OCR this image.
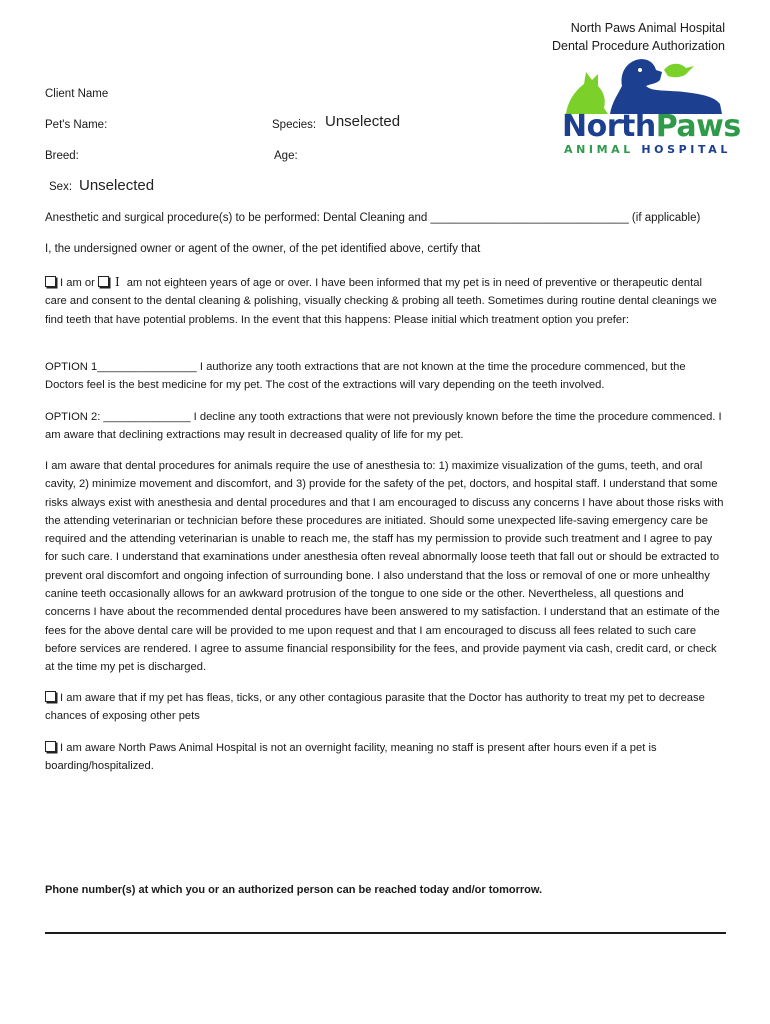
North Paws Animal Hospital
Dental Procedure Authorization
NorthPaws
ANIMAL HOSPITAL
Client Name
Pet's Name:	Species: Unselected
Breed:	Age:
Sex: Unselected
Anesthetic and surgical procedure(s) to be performed: Dental Cleaning and _______________________________ (if applicable)
I, the undersigned owner or agent of the owner, of the pet identified above, certify that
I am or I am not eighteen years of age or over. I have been informed that my pet is in need of preventive or therapeutic dental care and consent to the dental cleaning & polishing, visually checking & probing all teeth. Sometimes during routine dental cleanings we find teeth that have potential problems. In the event that this happens: Please initial which treatment option you prefer:
OPTION 1________________ I authorize any tooth extractions that are not known at the time the procedure commenced, but the Doctors feel is the best medicine for my pet. The cost of the extractions will vary depending on the teeth involved.
OPTION 2: ______________ I decline any tooth extractions that were not previously known before the time the procedure commenced. I am aware that declining extractions may result in decreased quality of life for my pet.
I am aware that dental procedures for animals require the use of anesthesia to: 1) maximize visualization of the gums, teeth, and oral cavity, 2) minimize movement and discomfort, and 3) provide for the safety of the pet, doctors, and hospital staff. I understand that some risks always exist with anesthesia and dental procedures and that I am encouraged to discuss any concerns I have about those risks with the attending veterinarian or technician before these procedures are initiated. Should some unexpected life-saving emergency care be required and the attending veterinarian is unable to reach me, the staff has my permission to provide such treatment and I agree to pay for such care. I understand that examinations under anesthesia often reveal abnormally loose teeth that fall out or should be extracted to prevent oral discomfort and ongoing infection of surrounding bone. I also understand that the loss or removal of one or more unhealthy canine teeth occasionally allows for an awkward protrusion of the tongue to one side or the other. Nevertheless, all questions and concerns I have about the recommended dental procedures have been answered to my satisfaction. I understand that an estimate of the fees for the above dental care will be provided to me upon request and that I am encouraged to discuss all fees related to such care before services are rendered. I agree to assume financial responsibility for the fees, and provide payment via cash, credit card, or check at the time my pet is discharged.
I am aware that if my pet has fleas, ticks, or any other contagious parasite that the Doctor has authority to treat my pet to decrease chances of exposing other pets
I am aware North Paws Animal Hospital is not an overnight facility, meaning no staff is present after hours even if a pet is boarding/hospitalized.
Phone number(s) at which you or an authorized person can be reached today and/or tomorrow.
